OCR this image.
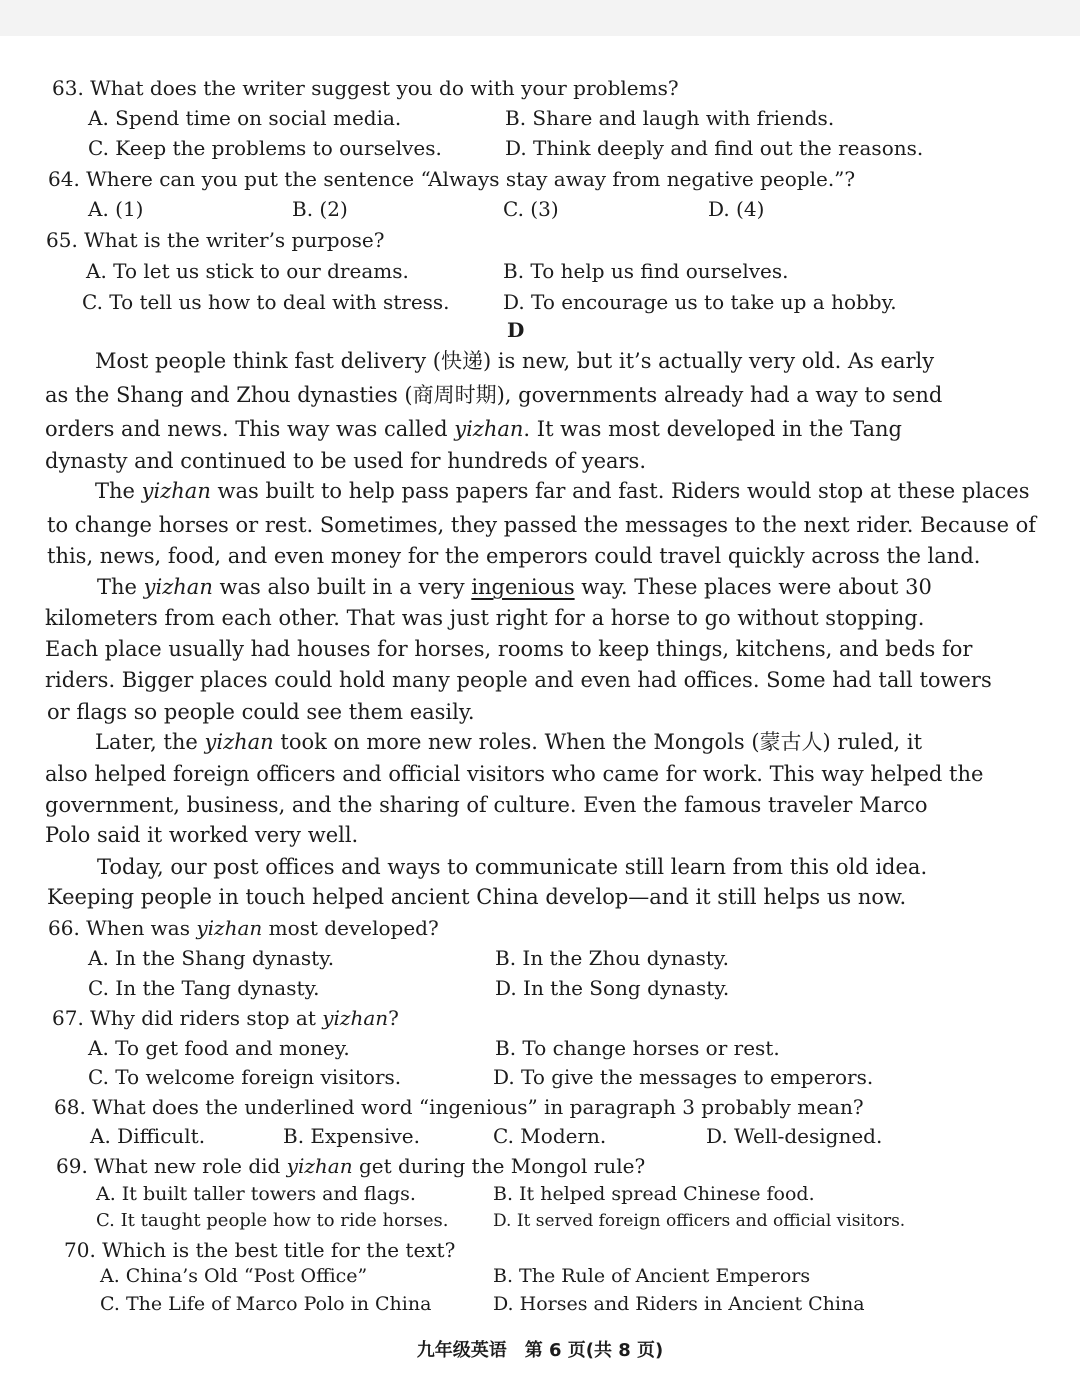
63. What does the writer suggest you do with your problems?
A. Spend time on social media.	B. Share and laugh with friends.
C. Keep the problems to ourselves.	D. Think deeply and find out the reasons.
64. Where can you put the sentence “Always stay away from negative people.”?
A. (1)	B. (2)	C. (3)	D. (4)
65. What is the writer’s purpose?
A. To let us stick to our dreams.	B. To help us find ourselves.
C. To tell us how to deal with stress.	D. To encourage us to take up a hobby.
D
Most people think fast delivery (快递) is new, but it’s actually very old. As early
as the Shang and Zhou dynasties (商周时期), governments already had a way to send
orders and news. This way was called yizhan. It was most developed in the Tang
dynasty and continued to be used for hundreds of years.
The yizhan was built to help pass papers far and fast. Riders would stop at these places
to change horses or rest. Sometimes, they passed the messages to the next rider. Because of
this, news, food, and even money for the emperors could travel quickly across the land.
The yizhan was also built in a very ingenious way. These places were about 30
kilometers from each other. That was just right for a horse to go without stopping.
Each place usually had houses for horses, rooms to keep things, kitchens, and beds for
riders. Bigger places could hold many people and even had offices. Some had tall towers
or flags so people could see them easily.
Later, the yizhan took on more new roles. When the Mongols (蒙古人) ruled, it
also helped foreign officers and official visitors who came for work. This way helped the
government, business, and the sharing of culture. Even the famous traveler Marco
Polo said it worked very well.
Today, our post offices and ways to communicate still learn from this old idea.
Keeping people in touch helped ancient China develop—and it still helps us now.
66. When was yizhan most developed?
A. In the Shang dynasty.	B. In the Zhou dynasty.
C. In the Tang dynasty.	D. In the Song dynasty.
67. Why did riders stop at yizhan?
A. To get food and money.	B. To change horses or rest.
C. To welcome foreign visitors.	D. To give the messages to emperors.
68. What does the underlined word “ingenious” in paragraph 3 probably mean?
A. Difficult.	B. Expensive.	C. Modern.	D. Well-designed.
69. What new role did yizhan get during the Mongol rule?
A. It built taller towers and flags.	B. It helped spread Chinese food.
C. It taught people how to ride horses.	D. It served foreign officers and official visitors.
70. Which is the best title for the text?
A. China’s Old “Post Office”	B. The Rule of Ancient Emperors
C. The Life of Marco Polo in China	D. Horses and Riders in Ancient China
九年级英语　第 6 页(共 8 页)
